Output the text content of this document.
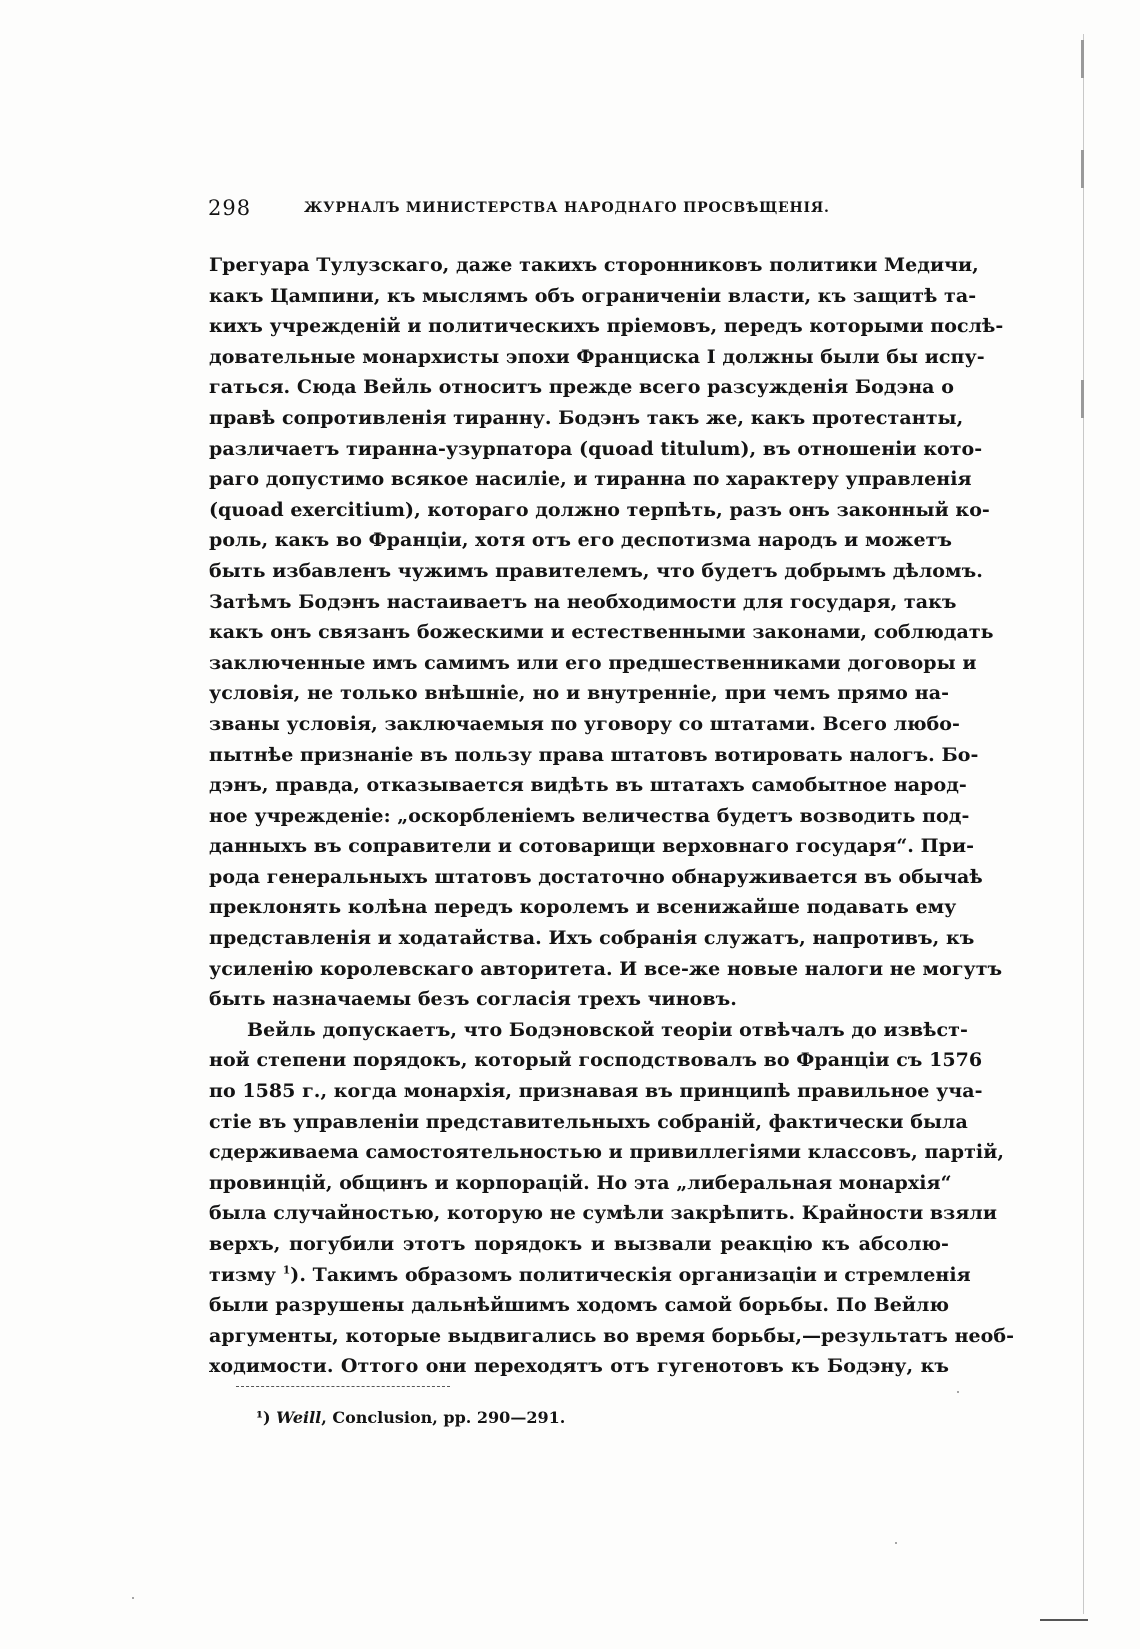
298	ЖУРНАЛЪ МИНИСТЕРСТВА НАРОДНАГО ПРОСВѢЩЕНІЯ.
Грегуара Тулузскаго, даже такихъ сторонниковъ политики Медичи,
какъ Цампини, къ мыслямъ объ ограниченіи власти, къ защитѣ та-
кихъ учрежденій и политическихъ пріемовъ, передъ которыми послѣ-
довательные монархисты эпохи Франциска I должны были бы испу-
гаться. Сюда Вейль относитъ прежде всего разсужденія Бодэна о
правѣ сопротивленія тиранну. Бодэнъ такъ же, какъ протестанты,
различаетъ тиранна-узурпатора (quoad titulum), въ отношеніи кото-
раго допустимо всякое насиліе, и тиранна по характеру управленія
(quoad exercitium), котораго должно терпѣть, разъ онъ законный ко-
роль, какъ во Франціи, хотя отъ его деспотизма народъ и можетъ
быть избавленъ чужимъ правителемъ, что будетъ добрымъ дѣломъ.
Затѣмъ Бодэнъ настаиваетъ на необходимости для государя, такъ
какъ онъ связанъ божескими и естественными законами, соблюдать
заключенные имъ самимъ или его предшественниками договоры и
условія, не только внѣшніе, но и внутренніе, при чемъ прямо на-
званы условія, заключаемыя по уговору со штатами. Всего любо-
пытнѣе признаніе въ пользу права штатовъ вотировать налогъ. Бо-
дэнъ, правда, отказывается видѣть въ штатахъ самобытное народ-
ное учрежденіе: „оскорбленіемъ величества будетъ возводить под-
данныхъ въ соправители и сотоварищи верховнаго государя“. При-
рода генеральныхъ штатовъ достаточно обнаруживается въ обычаѣ
преклонять колѣна передъ королемъ и всенижайше подавать ему
представленія и ходатайства. Ихъ собранія служатъ, напротивъ, къ
усиленію королевскаго авторитета. И все-же новые налоги не могутъ
быть назначаемы безъ согласія трехъ чиновъ.
Вейль допускаетъ, что Бодэновской теоріи отвѣчалъ до извѣст-
ной степени порядокъ, который господствовалъ во Франціи съ 1576
по 1585 г., когда монархія, признавая въ принципѣ правильное уча-
стіе въ управленіи представительныхъ собраній, фактически была
сдерживаема самостоятельностью и привиллегіями классовъ, партій,
провинцій, общинъ и корпорацій. Но эта „либеральная монархія“
была случайностью, которую не сумѣли закрѣпить. Крайности взяли
верхъ, погубили этотъ порядокъ и вызвали реакцію къ абсолю-
тизму $^1$). Такимъ образомъ политическія организаціи и стремленія
были разрушены дальнѣйшимъ ходомъ самой борьбы. По Вейлю
аргументы, которые выдвигались во время борьбы,—результатъ необ-
ходимости. Оттого они переходятъ отъ гугенотовъ къ Бодэну, къ
¹) Weill, Conclusion, pp. 290—291.
